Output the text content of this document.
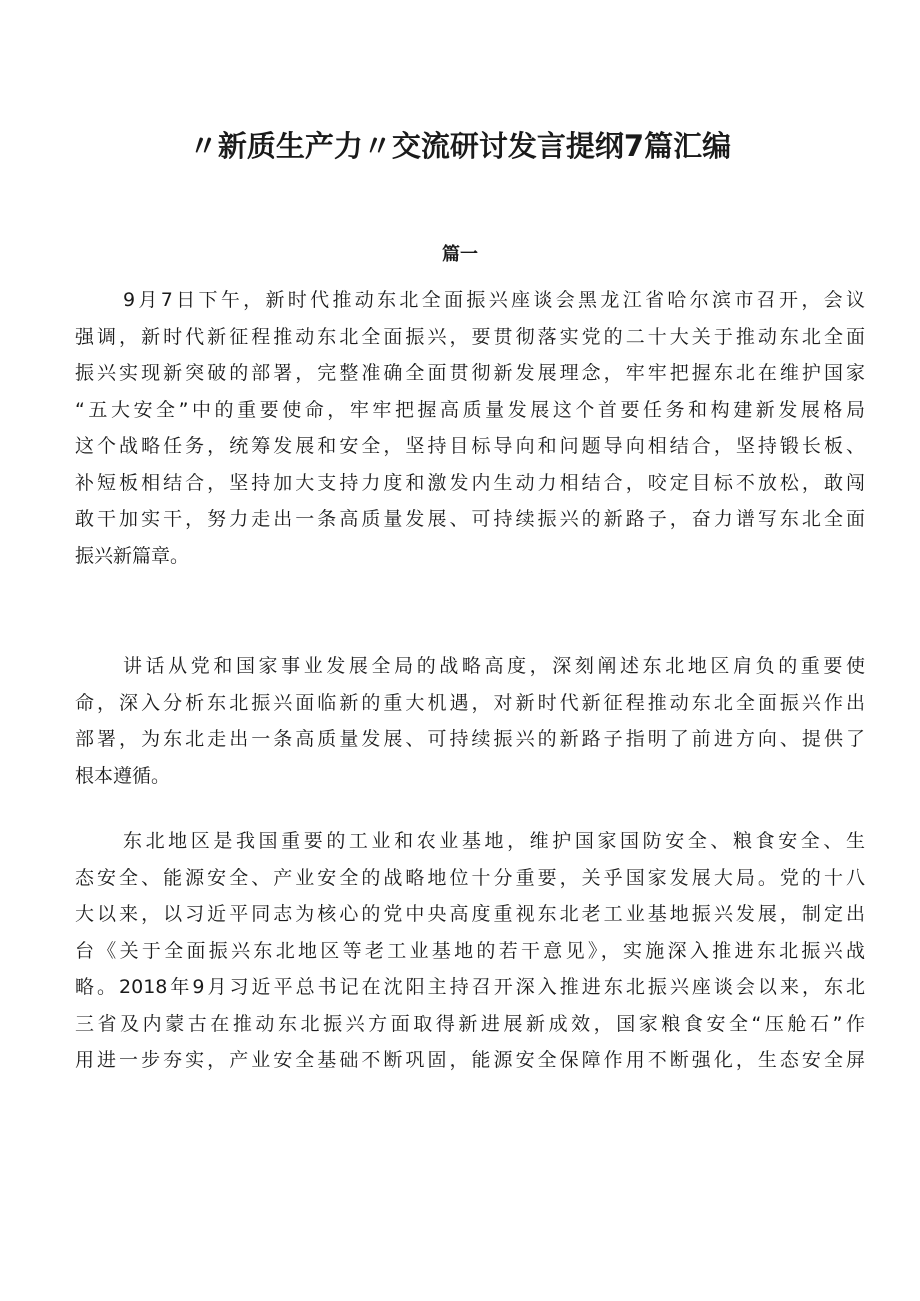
〃新质生产力〃交流研讨发言提纲7篇汇编
篇一
9月7日下午，新时代推动东北全面振兴座谈会黑龙江省哈尔滨市召开，会议
强调，新时代新征程推动东北全面振兴，要贯彻落实党的二十大关于推动东北全面
振兴实现新突破的部署，完整准确全面贯彻新发展理念，牢牢把握东北在维护国家
“五大安全”中的重要使命，牢牢把握高质量发展这个首要任务和构建新发展格局
这个战略任务，统筹发展和安全，坚持目标导向和问题导向相结合，坚持锻长板、
补短板相结合，坚持加大支持力度和激发内生动力相结合，咬定目标不放松，敢闯
敢干加实干，努力走出一条高质量发展、可持续振兴的新路子，奋力谱写东北全面
振兴新篇章。
讲话从党和国家事业发展全局的战略高度，深刻阐述东北地区肩负的重要使
命，深入分析东北振兴面临新的重大机遇，对新时代新征程推动东北全面振兴作出
部署，为东北走出一条高质量发展、可持续振兴的新路子指明了前进方向、提供了
根本遵循。
东北地区是我国重要的工业和农业基地，维护国家国防安全、粮食安全、生
态安全、能源安全、产业安全的战略地位十分重要，关乎国家发展大局。党的十八
大以来，以习近平同志为核心的党中央高度重视东北老工业基地振兴发展，制定出
台《关于全面振兴东北地区等老工业基地的若干意见》，实施深入推进东北振兴战
略。2018年9月习近平总书记在沈阳主持召开深入推进东北振兴座谈会以来，东北
三省及内蒙古在推动东北振兴方面取得新进展新成效，国家粮食安全“压舱石”作
用进一步夯实，产业安全基础不断巩固，能源安全保障作用不断强化，生态安全屏
